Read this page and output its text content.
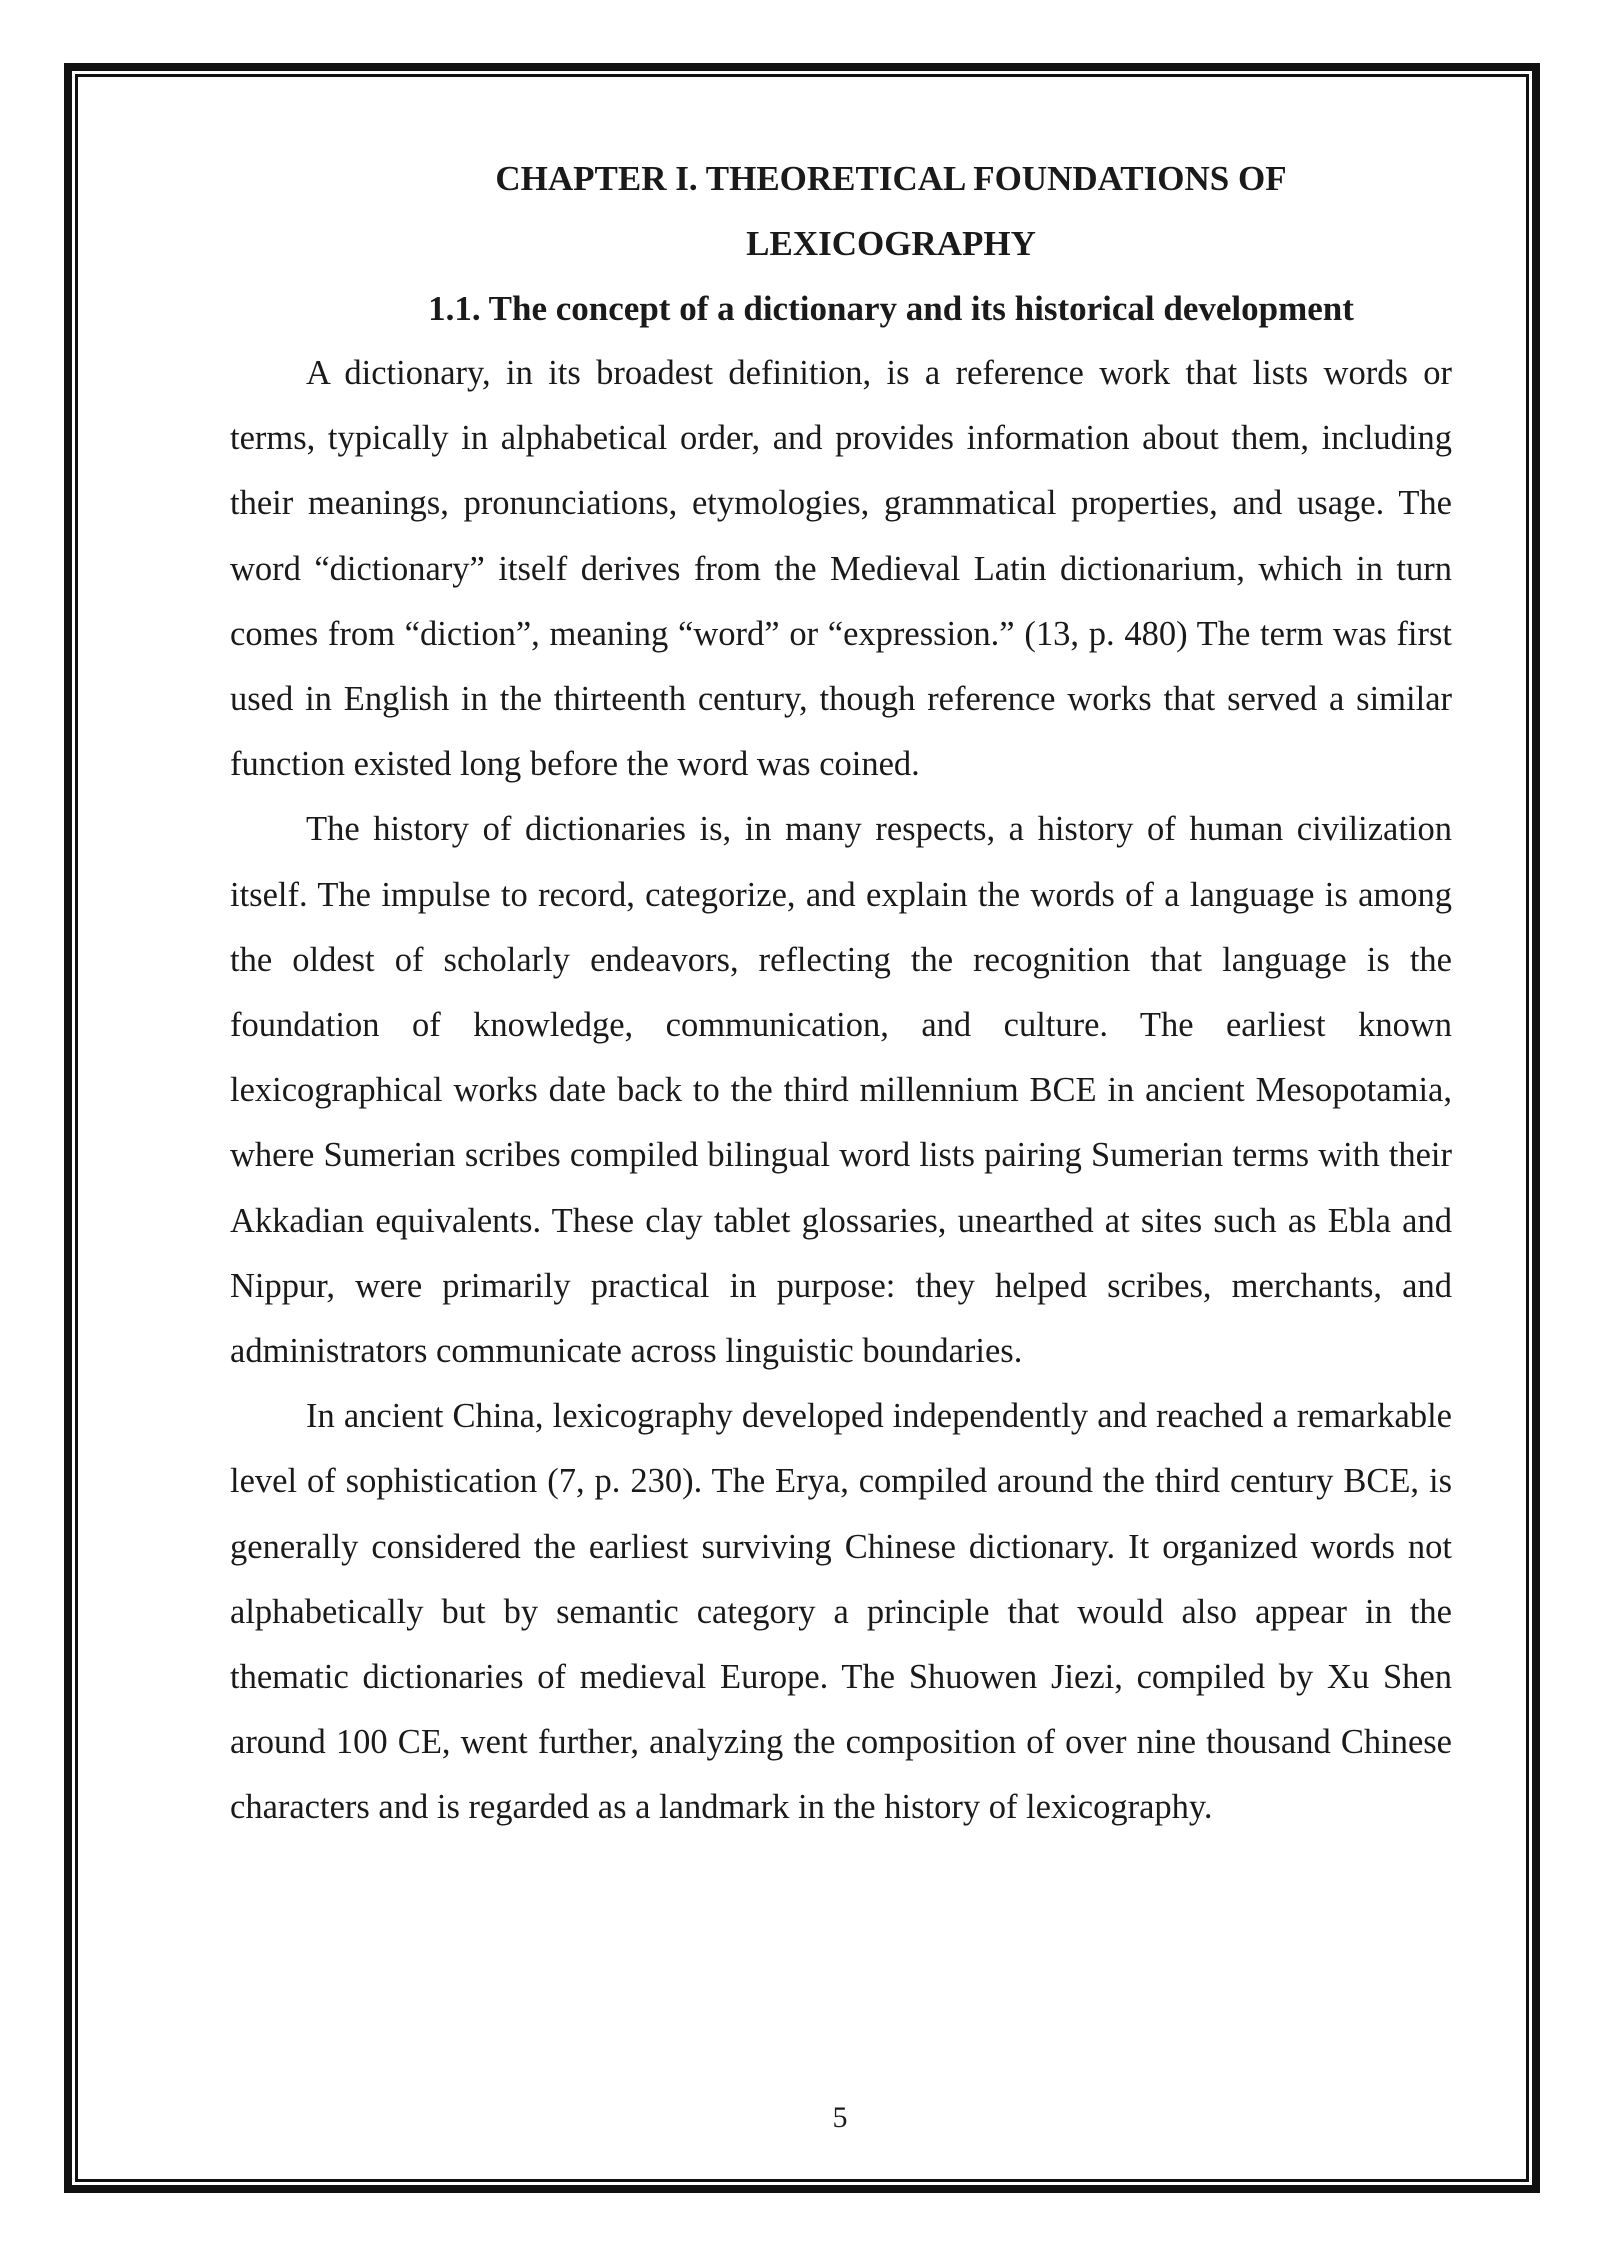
CHAPTER I. THEORETICAL FOUNDATIONS OF
LEXICOGRAPHY
1.1. The concept of a dictionary and its historical development

A dictionary, in its broadest definition, is a reference work that lists words or terms, typically in alphabetical order, and provides information about them, including their meanings, pronunciations, etymologies, grammatical properties, and usage. The word “dictionary” itself derives from the Medieval Latin dictionarium, which in turn comes from “diction”, meaning “word” or “expression.” (13, p. 480) The term was first used in English in the thirteenth century, though reference works that served a similar function existed long before the word was coined.

The history of dictionaries is, in many respects, a history of human civilization itself. The impulse to record, categorize, and explain the words of a language is among the oldest of scholarly endeavors, reflecting the recognition that language is the foundation of knowledge, communication, and culture. The earliest known lexicographical works date back to the third millennium BCE in ancient Mesopotamia, where Sumerian scribes compiled bilingual word lists pairing Sumerian terms with their Akkadian equivalents. These clay tablet glossaries, unearthed at sites such as Ebla and Nippur, were primarily practical in purpose: they helped scribes, merchants, and administrators communicate across linguistic boundaries.

In ancient China, lexicography developed independently and reached a remarkable level of sophistication (7, p. 230). The Erya, compiled around the third century BCE, is generally considered the earliest surviving Chinese dictionary. It organized words not alphabetically but by semantic category a principle that would also appear in the thematic dictionaries of medieval Europe. The Shuowen Jiezi, compiled by Xu Shen around 100 CE, went further, analyzing the composition of over nine thousand Chinese characters and is regarded as a landmark in the history of lexicography.

5
